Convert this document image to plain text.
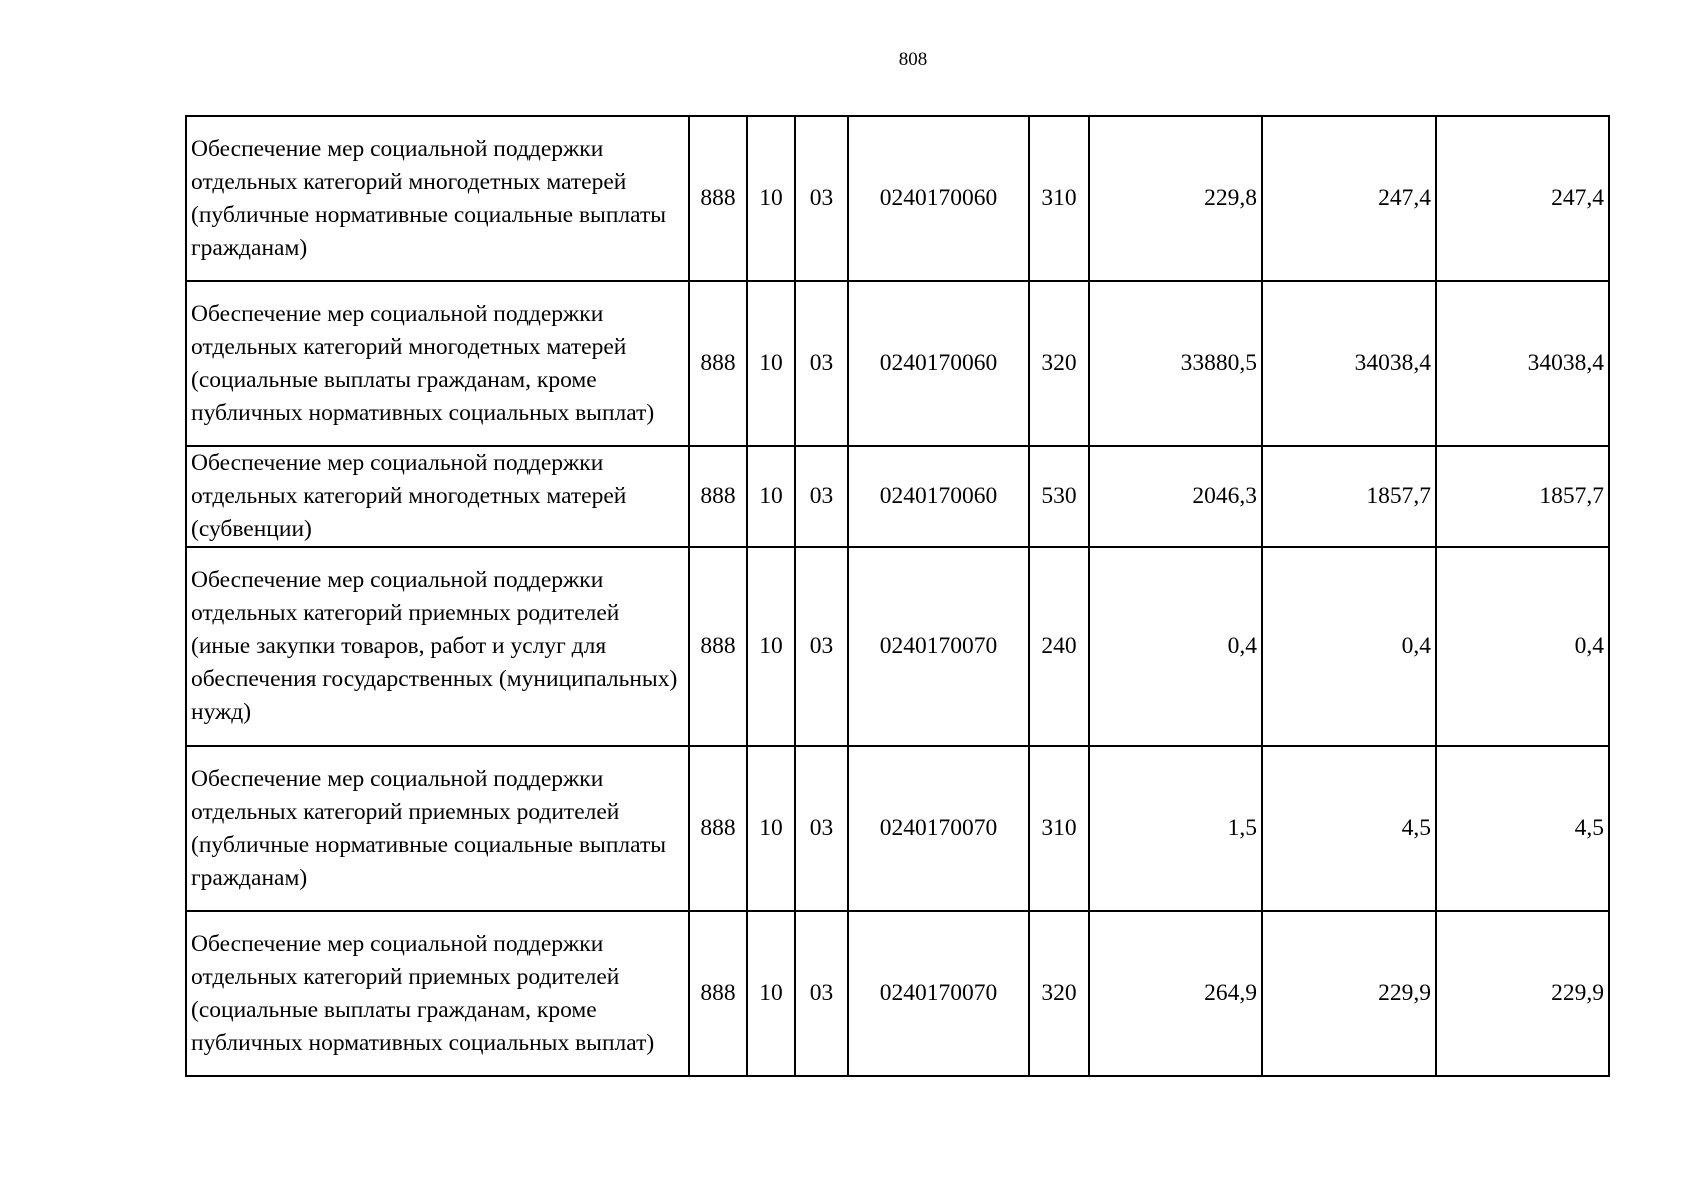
808
Обеспечение мер социальной поддержки отдельных категорий многодетных матерей (публичные нормативные социальные выплаты гражданам)	888	10	03	0240170060	310	229,8	247,4	247,4
Обеспечение мер социальной поддержки отдельных категорий многодетных матерей (социальные выплаты гражданам, кроме публичных нормативных социальных выплат)	888	10	03	0240170060	320	33880,5	34038,4	34038,4
Обеспечение мер социальной поддержки отдельных категорий многодетных матерей (субвенции)	888	10	03	0240170060	530	2046,3	1857,7	1857,7
Обеспечение мер социальной поддержки отдельных категорий приемных родителей (иные закупки товаров, работ и услуг для обеспечения государственных (муниципальных) нужд)	888	10	03	0240170070	240	0,4	0,4	0,4
Обеспечение мер социальной поддержки отдельных категорий приемных родителей (публичные нормативные социальные выплаты гражданам)	888	10	03	0240170070	310	1,5	4,5	4,5
Обеспечение мер социальной поддержки отдельных категорий приемных родителей (социальные выплаты гражданам, кроме публичных нормативных социальных выплат)	888	10	03	0240170070	320	264,9	229,9	229,9
